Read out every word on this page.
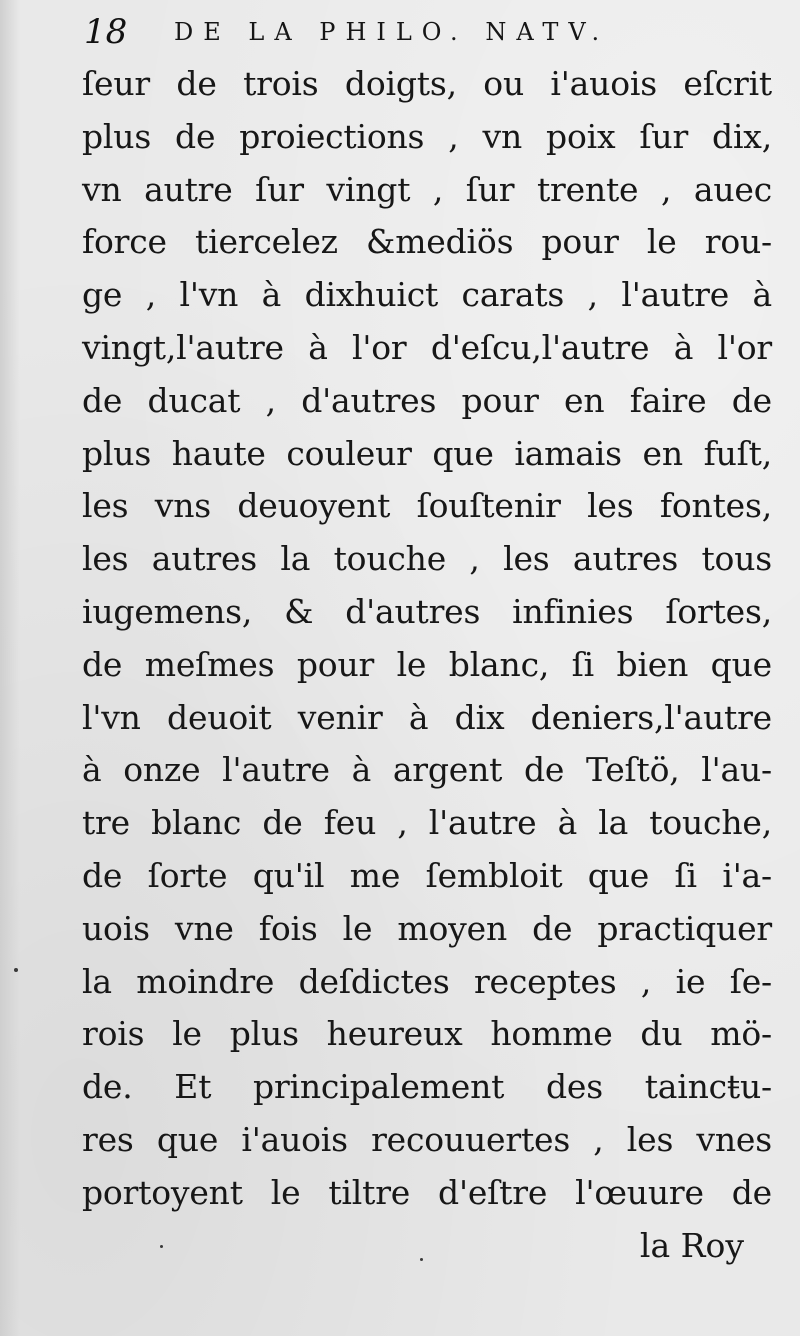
18 DE LA PHILO. NATV.
ſeur de trois doigts, ou i'auois eſcrit
plus de proiections , vn poix ſur dix,
vn autre ſur vingt , ſur trente , auec
force tiercelez &mediös pour le rou-
ge , l'vn à dixhuict carats , l'autre à
vingt,l'autre à l'or d'eſcu,l'autre à l'or
de ducat , d'autres pour en faire de
plus haute couleur que iamais en fuſt,
les vns deuoyent ſouſtenir les fontes,
les autres la touche , les autres tous
iugemens, & d'autres infinies ſortes,
de meſmes pour le blanc, ſi bien que
l'vn deuoit venir à dix deniers,l'autre
à onze l'autre à argent de Teſtö, l'au-
tre blanc de feu , l'autre à la touche,
de ſorte qu'il me ſembloit que ſi i'a-
uois vne fois le moyen de practiquer
la moindre deſdictes receptes , ie ſe-
rois le plus heureux homme du mö-
de. Et principalement des taincŧu-
res que i'auois recouuertes , les vnes
portoyent le tiltre d'eſtre l'œuure de
la Roy
